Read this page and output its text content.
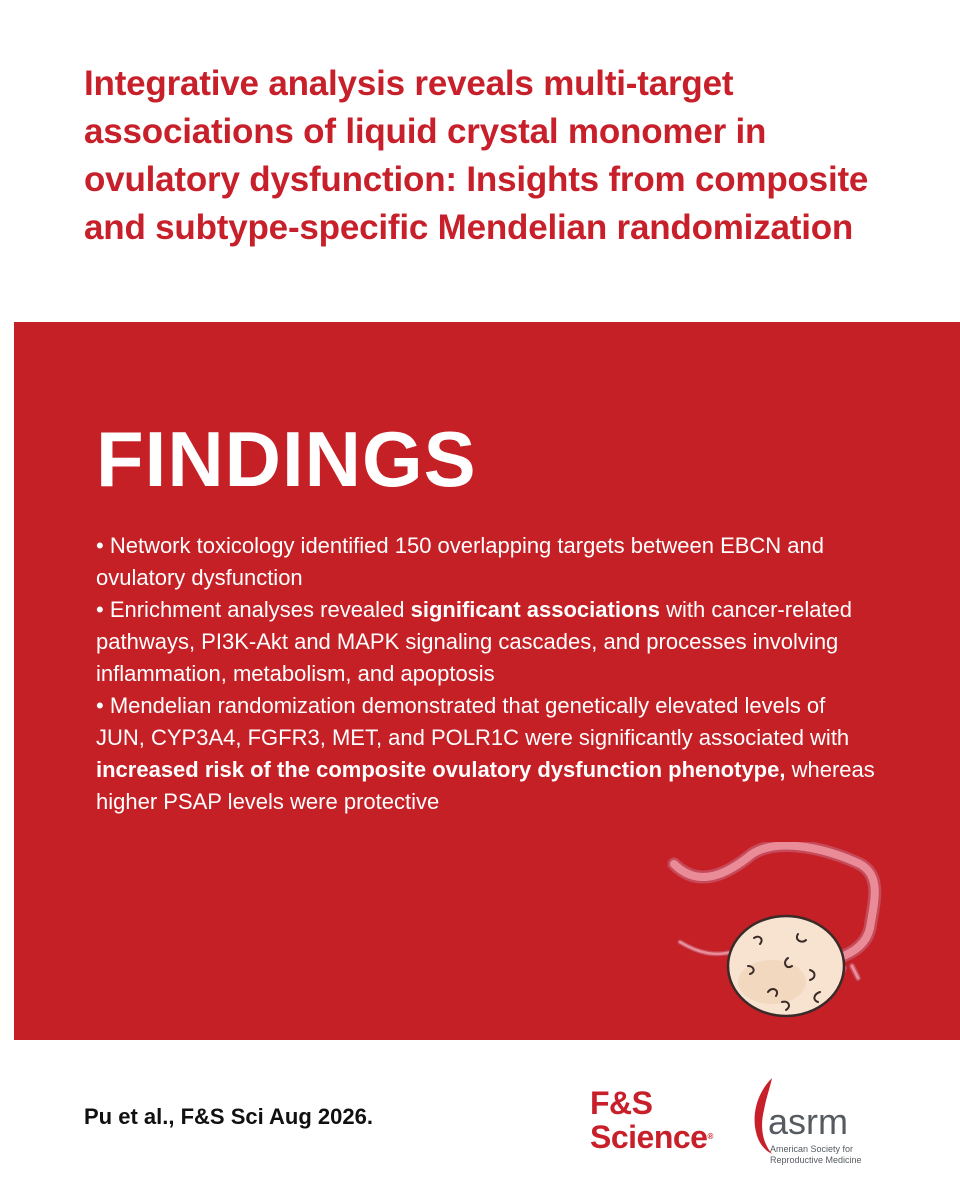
Integrative analysis reveals multi-target associations of liquid crystal monomer in ovulatory dysfunction: Insights from composite and subtype-specific Mendelian randomization
FINDINGS
• Network toxicology identified 150 overlapping targets between EBCN and ovulatory dysfunction
• Enrichment analyses revealed significant associations with cancer-related pathways, PI3K-Akt and MAPK signaling cascades, and processes involving inflammation, metabolism, and apoptosis
• Mendelian randomization demonstrated that genetically elevated levels of JUN, CYP3A4, FGFR3, MET, and POLR1C were significantly associated with increased risk of the composite ovulatory dysfunction phenotype, whereas higher PSAP levels were protective

Pu et al., F&S Sci Aug 2026.	F&S
Science® asrm
American Society for Reproductive Medicine
